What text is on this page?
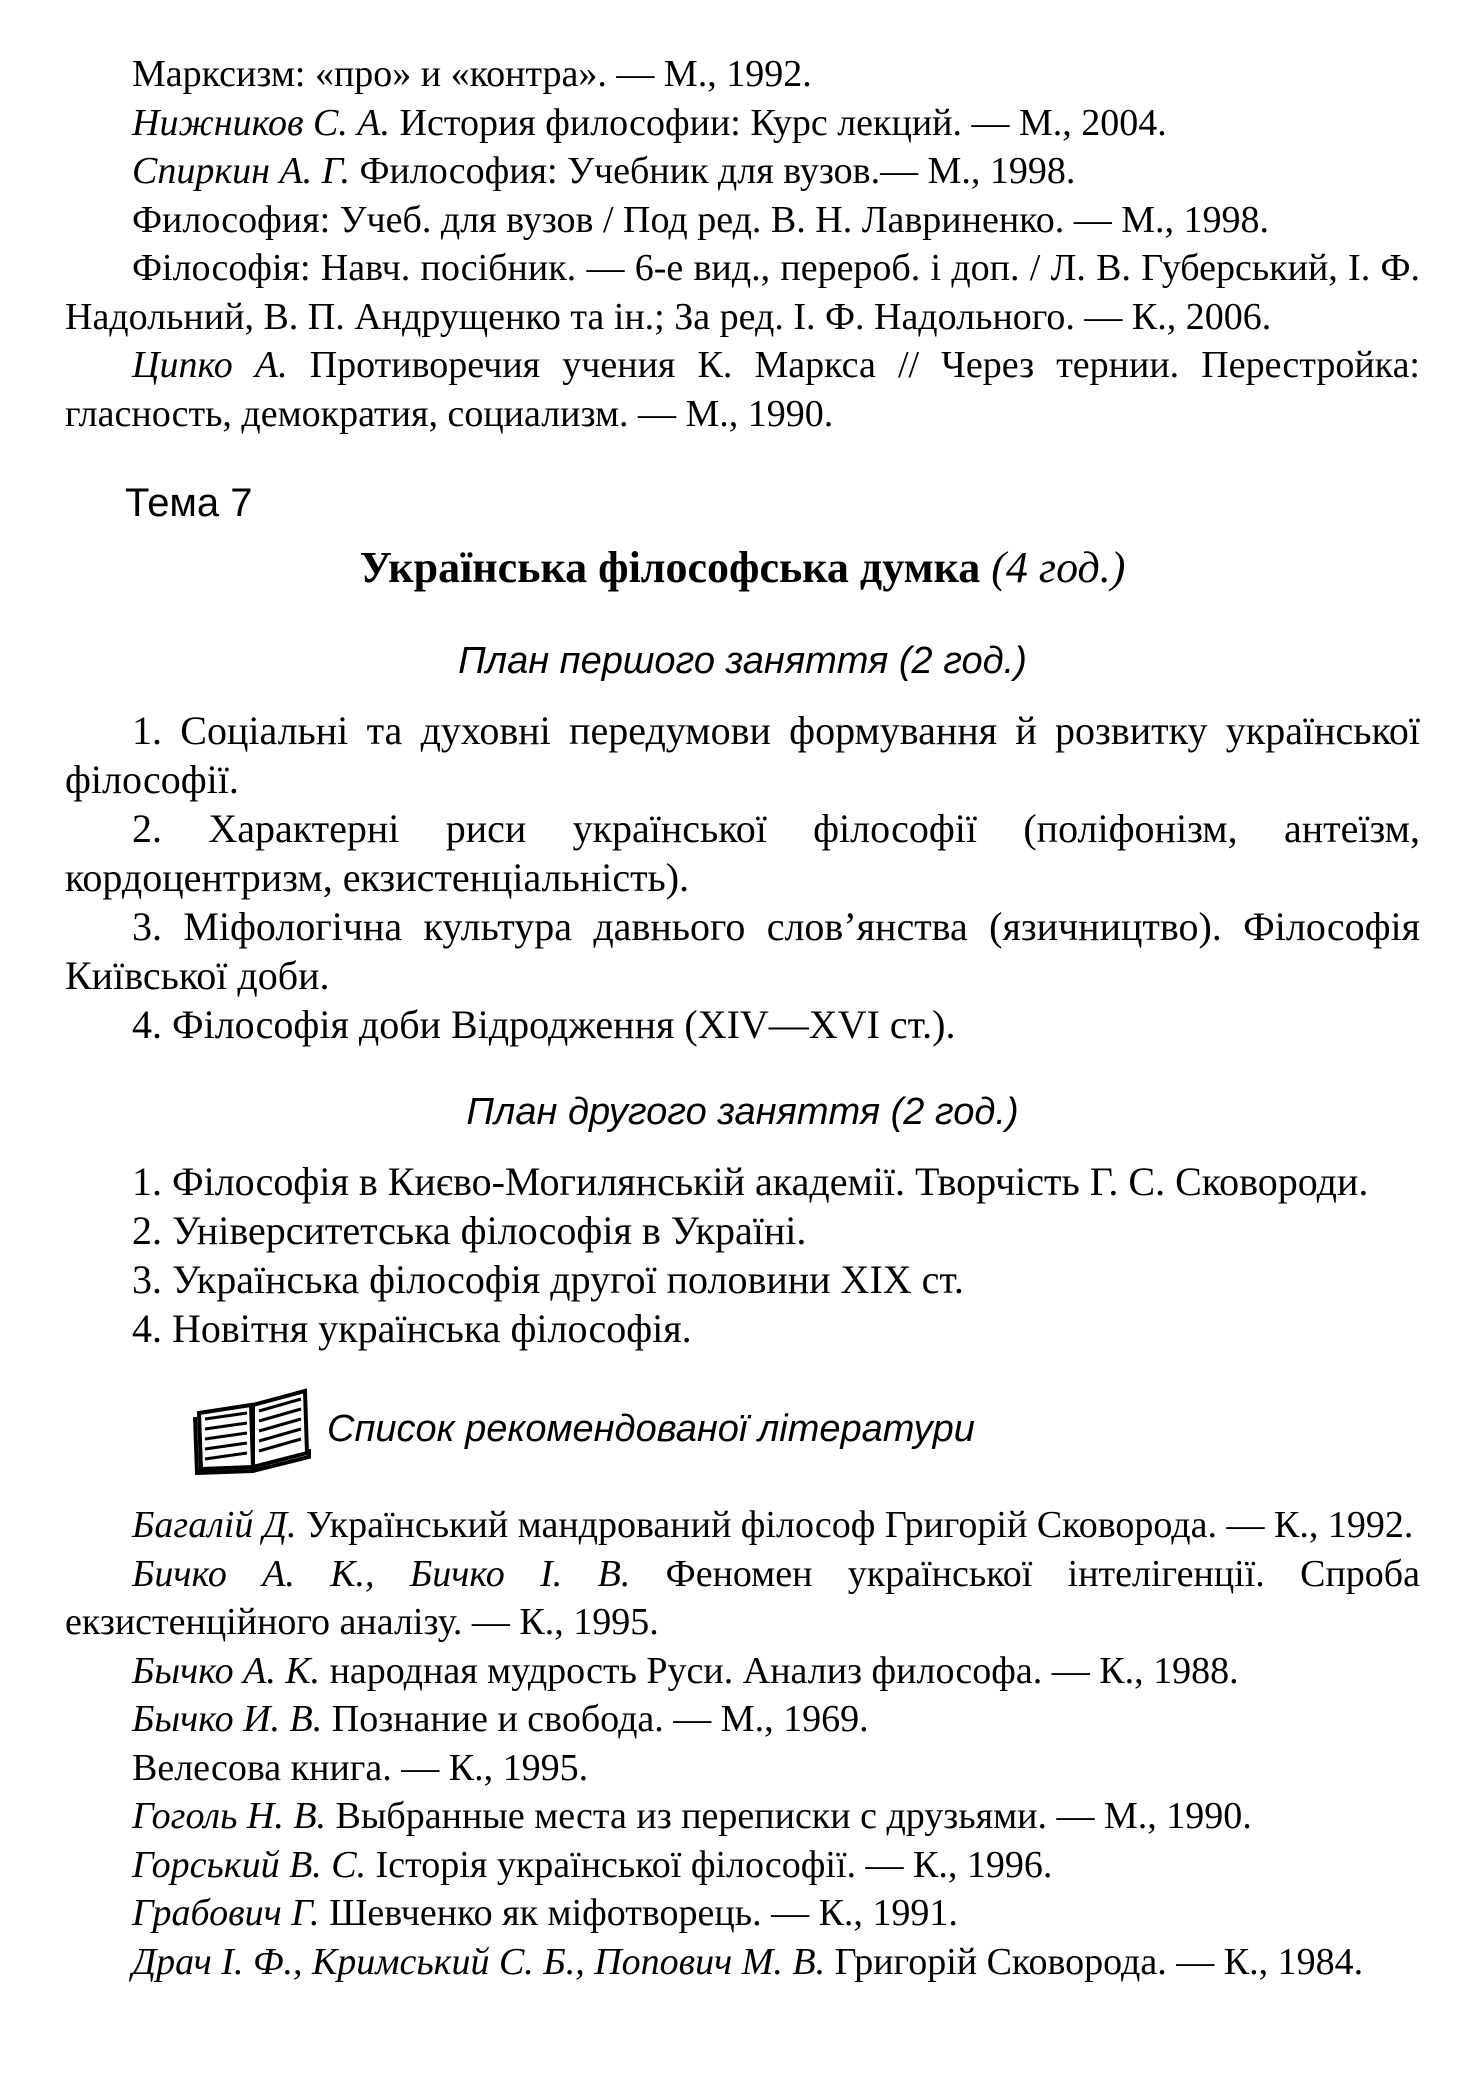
Марксизм: «про» и «контра». — М., 1992.

Нижников С. А. История философии: Курс лекций. — М., 2004.

Спиркин А. Г. Философия: Учебник для вузов.— М., 1998.

Философия: Учеб. для вузов / Под ред. В. Н. Лавриненко. — М., 1998.

Філософія: Навч. посібник. — 6-е вид., перероб. і доп. / Л. В. Губерський, І. Ф. Надольний, В. П. Андрущенко та ін.; За ред. І. Ф. Надольного. — К., 2006.

Ципко А. Противоречия учения К. Маркса // Через тернии. Перестройка: гласность, демократия, социализм. — М., 1990.

Тема 7
Українська філософська думка (4 год.)
План першого заняття (2 год.)

1. Соціальні та духовні передумови формування й розвитку української філософії.

2. Характерні риси української філософії (поліфонізм, антеїзм, кордоцентризм, екзистенціальність).

3. Міфологічна культура давнього слов’янства (язичництво). Філософія Київської доби.

4. Філософія доби Відродження (XIV—XVI ст.).

План другого заняття (2 год.)

1. Філософія в Києво-Могилянській академії. Творчість Г. С. Сковороди.

2. Університетська філософія в Україні.

3. Українська філософія другої половини XIX ст.

4. Новітня українська філософія.

Список рекомендованої літератури

Багалій Д. Український мандрований філософ Григорій Сковорода. — К., 1992.

Бичко А. К., Бичко І. В. Феномен української інтелігенції. Спроба екзистенційного аналізу. — К., 1995.

Бычко А. К. народная мудрость Руси. Анализ философа. — К., 1988.

Бычко И. В. Познание и свобода. — М., 1969.

Велесова книга. — К., 1995.

Гоголь Н. В. Выбранные места из переписки с друзьями. — М., 1990.

Горський В. С. Історія української філософії. — К., 1996.

Грабович Г. Шевченко як міфотворець. — К., 1991.

Драч І. Ф., Кримський С. Б., Попович М. В. Григорій Сковорода. — К., 1984.
